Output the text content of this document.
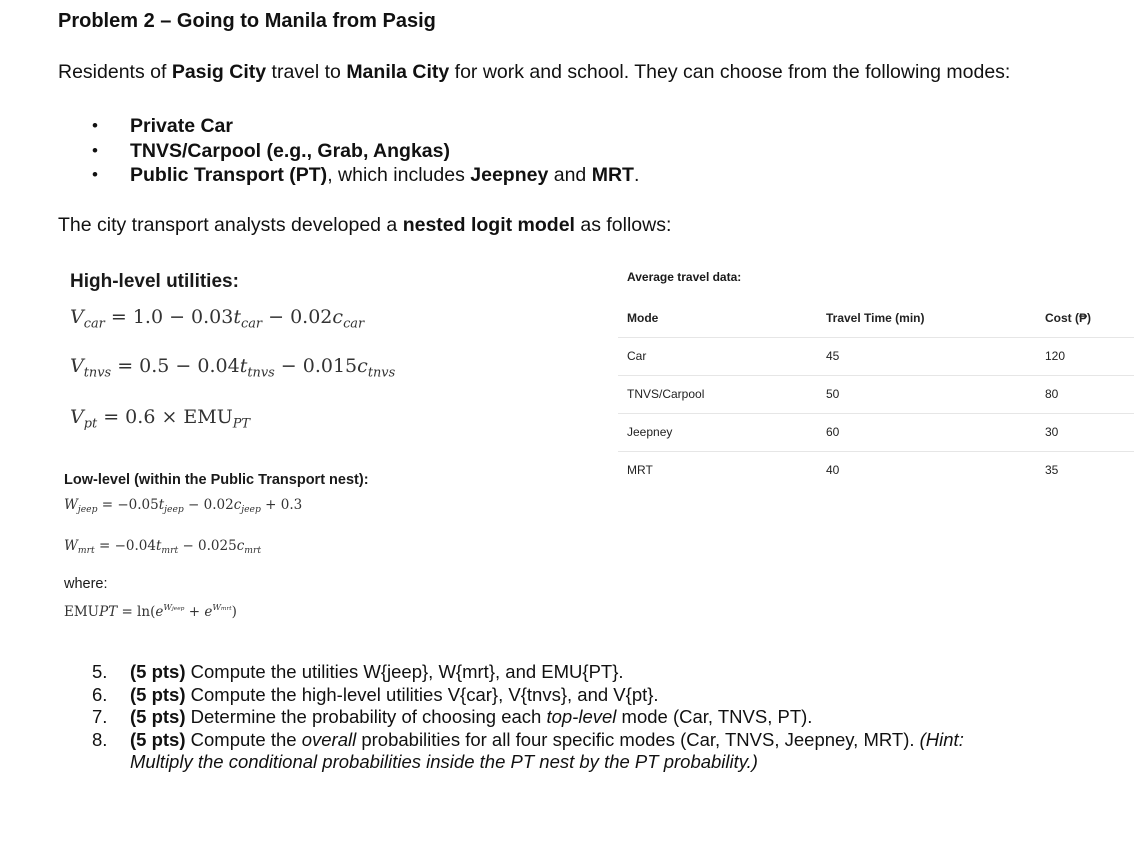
Problem 2 – Going to Manila from Pasig
Residents of Pasig City travel to Manila City for work and school. They can choose from the following modes:
• Private Car
• TNVS/Carpool (e.g., Grab, Angkas)
• Public Transport (PT), which includes Jeepney and MRT.
The city transport analysts developed a nested logit model as follows:
High-level utilities:
$V_{car} = 1.0 - 0.03t_{car} - 0.02c_{car}$
$V_{tnvs} = 0.5 - 0.04t_{tnvs} - 0.015c_{tnvs}$
$V_{pt} = 0.6 \times EMU_{PT}$
Low-level (within the Public Transport nest):
$W_{jeep} = -0.05t_{jeep} - 0.02c_{jeep} + 0.3$
$W_{mrt} = -0.04t_{mrt} - 0.025c_{mrt}$
where:
EMUPT = $\ln(e^{Wjeep} + e^{Wmrt})$
Average travel data:
Mode	Travel Time (min)	Cost (₱)
Car	45	120
TNVS/Carpool	50	80
Jeepney	60	30
MRT	40	35
5. (5 pts) Compute the utilities W{jeep}, W{mrt}, and EMU{PT}.
6. (5 pts) Compute the high-level utilities V{car}, V{tnvs}, and V{pt}.
7. (5 pts) Determine the probability of choosing each top-level mode (Car, TNVS, PT).
8. (5 pts) Compute the overall probabilities for all four specific modes (Car, TNVS, Jeepney, MRT). (Hint:
Multiply the conditional probabilities inside the PT nest by the PT probability.)
